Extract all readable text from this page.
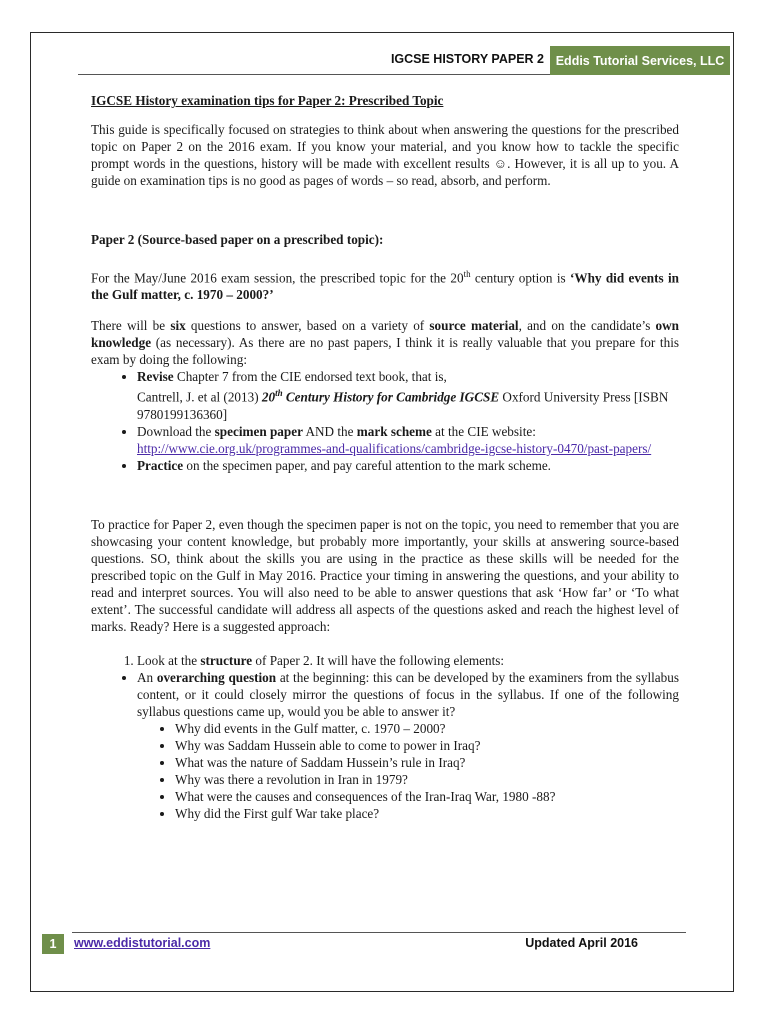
IGCSE HISTORY PAPER 2 Eddis Tutorial Services, LLC

IGCSE History examination tips for Paper 2: Prescribed Topic

This guide is specifically focused on strategies to think about when answering the questions for the prescribed topic on Paper 2 on the 2016 exam. If you know your material, and you know how to tackle the specific prompt words in the questions, history will be made with excellent results ☺. However, it is all up to you. A guide on examination tips is no good as pages of words – so read, absorb, and perform.

Paper 2 (Source-based paper on a prescribed topic):

For the May/June 2016 exam session, the prescribed topic for the 20th century option is ‘Why did events in the Gulf matter, c. 1970 – 2000?’

There will be six questions to answer, based on a variety of source material, and on the candidate’s own knowledge (as necessary). As there are no past papers, I think it is really valuable that you prepare for this exam by doing the following:

• Revise Chapter 7 from the CIE endorsed text book, that is,
Cantrell, J. et al (2013) 20th Century History for Cambridge IGCSE Oxford University Press [ISBN 9780199136360]
• Download the specimen paper AND the mark scheme at the CIE website:
http://www.cie.org.uk/programmes-and-qualifications/cambridge-igcse-history-0470/past-papers/
• Practice on the specimen paper, and pay careful attention to the mark scheme.

To practice for Paper 2, even though the specimen paper is not on the topic, you need to remember that you are showcasing your content knowledge, but probably more importantly, your skills at answering source-based questions. SO, think about the skills you are using in the practice as these skills will be needed for the prescribed topic on the Gulf in May 2016. Practice your timing in answering the questions, and your ability to read and interpret sources. You will also need to be able to answer questions that ask ‘How far’ or ‘To what extent’. The successful candidate will address all aspects of the questions asked and reach the highest level of marks. Ready? Here is a suggested approach:

1. Look at the structure of Paper 2. It will have the following elements:
• An overarching question at the beginning: this can be developed by the examiners from the syllabus content, or it could closely mirror the questions of focus in the syllabus. If one of the following syllabus questions came up, would you be able to answer it?
• Why did events in the Gulf matter, c. 1970 – 2000?
• Why was Saddam Hussein able to come to power in Iraq?
• What was the nature of Saddam Hussein’s rule in Iraq?
• Why was there a revolution in Iran in 1979?
• What were the causes and consequences of the Iran-Iraq War, 1980 -88?
• Why did the First gulf War take place?
1	www.eddistutorial.com	Updated April 2016
